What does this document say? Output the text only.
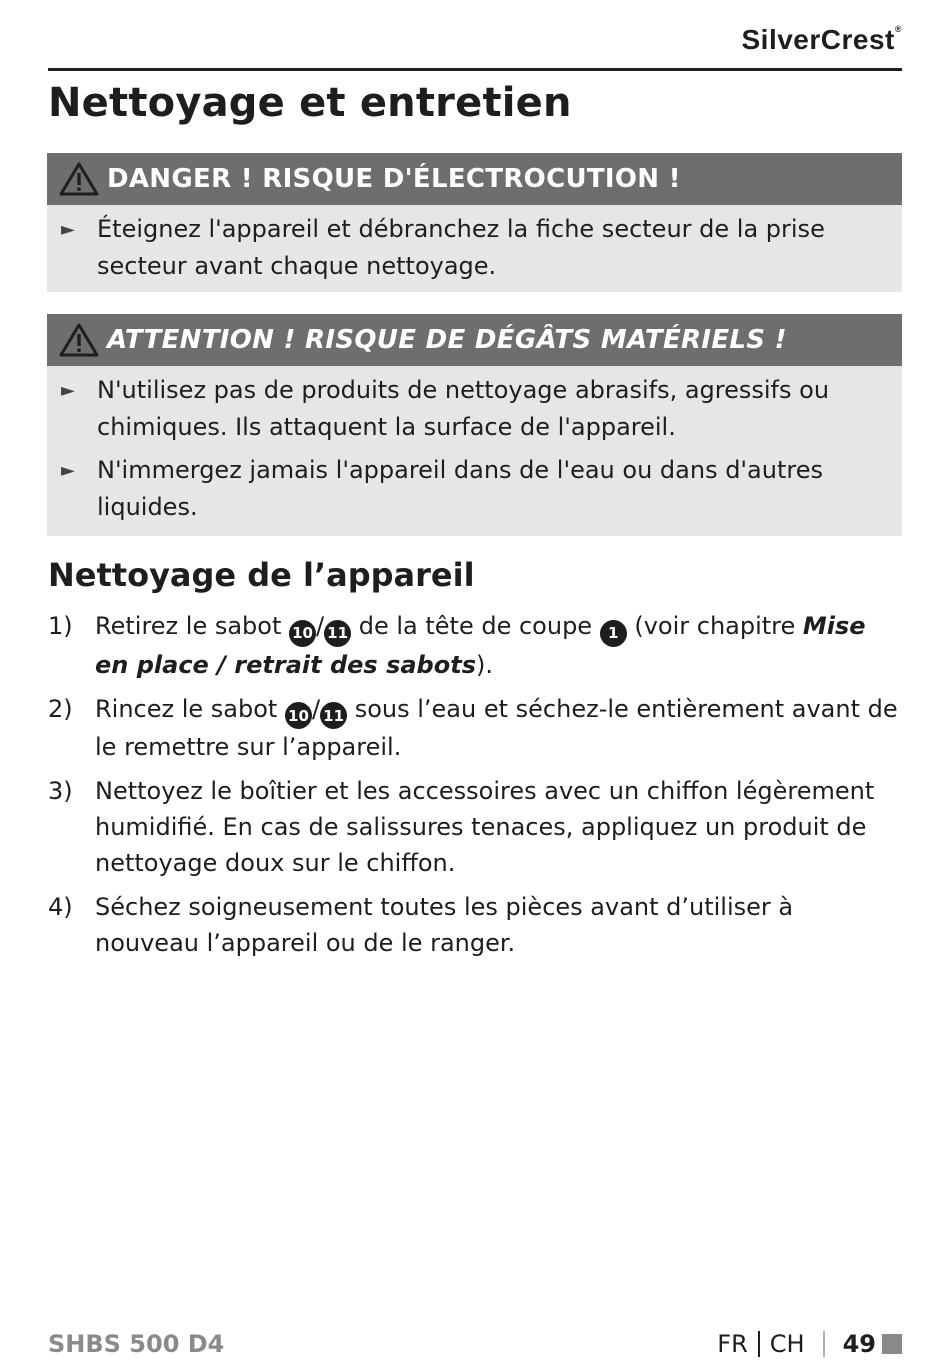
SilverCrest®
Nettoyage et entretien
DANGER ! RISQUE D'ÉLECTROCUTION !
► Éteignez l'appareil et débranchez la fiche secteur de la prise secteur avant chaque nettoyage.
ATTENTION ! RISQUE DE DÉGÂTS MATÉRIELS !
► N'utilisez pas de produits de nettoyage abrasifs, agressifs ou chimiques. Ils attaquent la surface de l'appareil.
► N'immergez jamais l'appareil dans de l'eau ou dans d'autres liquides.
Nettoyage de l’appareil
1) Retirez le sabot 10 / 11 de la tête de coupe 1 (voir chapitre Mise en place / retrait des sabots).
2) Rincez le sabot 10 / 11 sous l’eau et séchez-le entièrement avant de le remettre sur l’appareil.
3) Nettoyez le boîtier et les accessoires avec un chiffon légèrement humidifié. En cas de salissures tenaces, appliquez un produit de nettoyage doux sur le chiffon.
4) Séchez soigneusement toutes les pièces avant d’utiliser à nouveau l’appareil ou de le ranger.
SHBS 500 D4	FR CH 49
